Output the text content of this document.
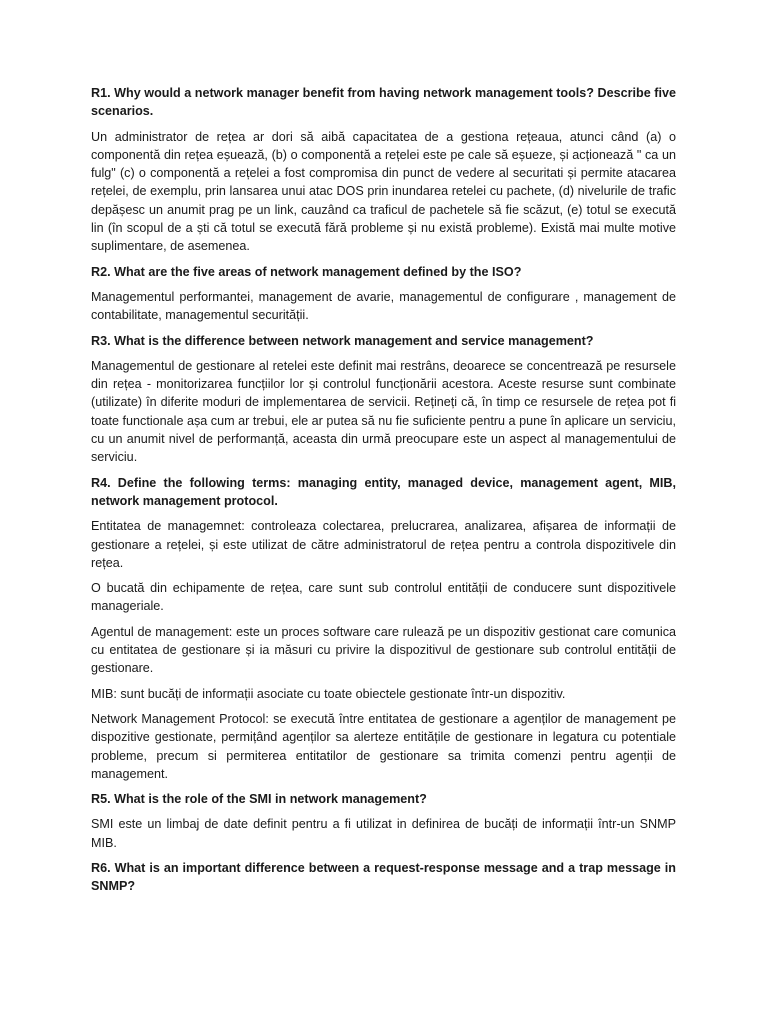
R1. Why would a network manager benefit from having network management tools? Describe five scenarios.

Un administrator de rețea ar dori să aibă capacitatea de a gestiona rețeaua, atunci când (a) o componentă din rețea eșuează, (b) o componentă a rețelei este pe cale să eșueze, și acționează " ca un fulg" (c) o componentă a rețelei a fost compromisa din punct de vedere al securitati și permite atacarea rețelei, de exemplu, prin lansarea unui atac DOS prin inundarea retelei cu pachete, (d) nivelurile de trafic depășesc un anumit prag pe un link, cauzând ca traficul de pachetele să fie scăzut, (e) totul se execută lin (în scopul de a ști că totul se execută fără probleme și nu există probleme). Există mai multe motive suplimentare, de asemenea.

R2. What are the five areas of network management defined by the ISO?

Managementul performantei, management de avarie, managementul de configurare , management de contabilitate, managementul securității.

R3. What is the difference between network management and service management?

Managementul de gestionare al retelei este definit mai restrâns, deoarece se concentrează pe resursele din rețea - monitorizarea funcțiilor lor și controlul funcționării acestora. Aceste resurse sunt combinate (utilizate) în diferite moduri de implementarea de servicii. Rețineți că, în timp ce resursele de rețea pot fi toate functionale așa cum ar trebui, ele ar putea să nu fie suficiente pentru a pune în aplicare un serviciu, cu un anumit nivel de performanță, aceasta din urmă preocupare este un aspect al managementului de serviciu.

R4. Define the following terms: managing entity, managed device, management agent, MIB, network management protocol.

Entitatea de managemnet: controleaza colectarea, prelucrarea, analizarea, afișarea de informații de gestionare a rețelei, și este utilizat de către administratorul de rețea pentru a controla dispozitivele din rețea.

O bucată din echipamente de rețea, care sunt sub controlul entității de conducere sunt dispozitivele manageriale.

Agentul de management: este un proces software care rulează pe un dispozitiv gestionat care comunica cu entitatea de gestionare și ia măsuri cu privire la dispozitivul de gestionare sub controlul entității de gestionare.

MIB: sunt bucăți de informații asociate cu toate obiectele gestionate într-un dispozitiv.

Network Management Protocol: se execută între entitatea de gestionare a agenților de management pe dispozitive gestionate, permițând agenților sa alerteze entitățile de gestionare in legatura cu potentiale probleme, precum si permiterea entitatilor de gestionare sa trimita comenzi pentru agenții de management.

R5. What is the role of the SMI in network management?

SMI este un limbaj de date definit pentru a fi utilizat in definirea de bucăți de informații într-un SNMP MIB.

R6. What is an important difference between a request-response message and a trap message in SNMP?
